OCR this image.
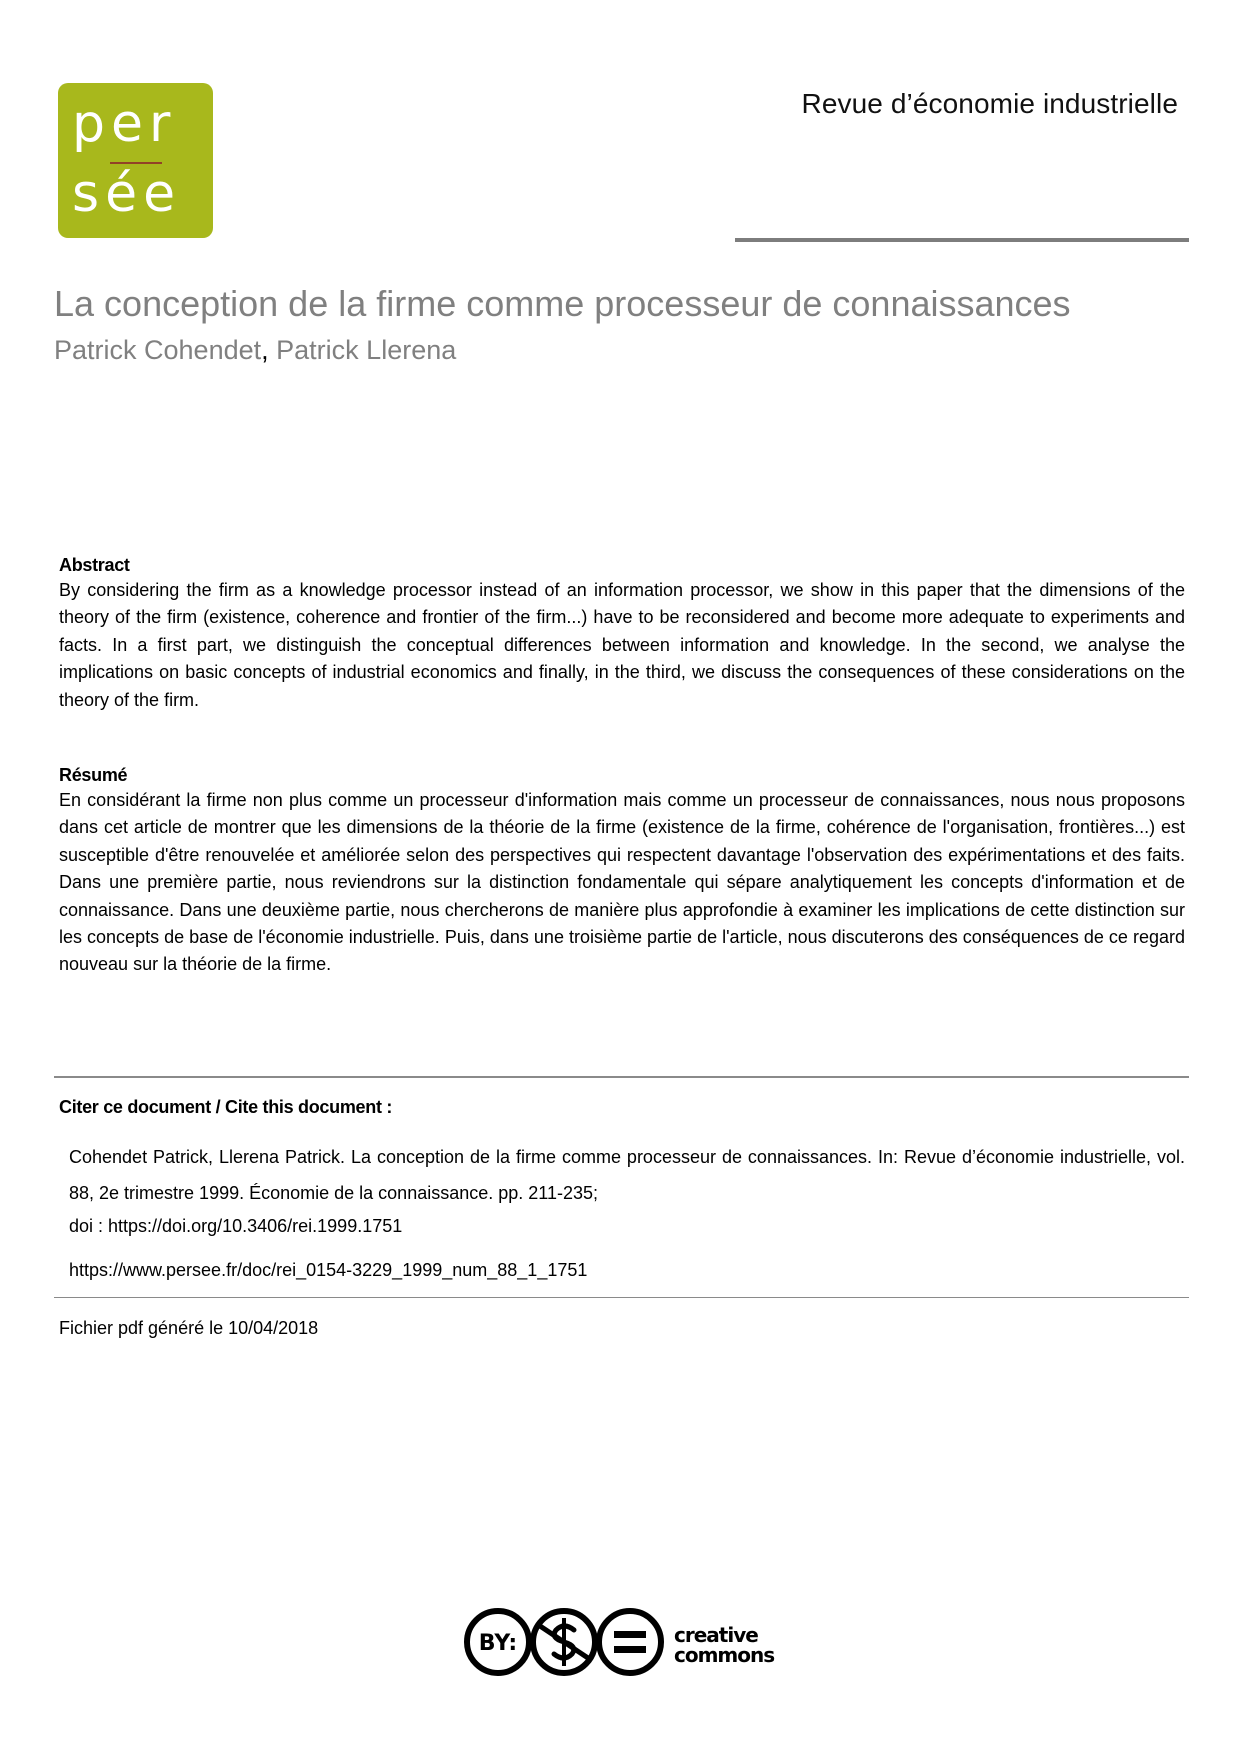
per
sée
Revue d’économie industrielle
La conception de la firme comme processeur de connaissances
Patrick Cohendet, Patrick Llerena
Abstract
By considering the firm as a knowledge processor instead of an information processor, we show in this paper that the dimensions of the theory of the firm (existence, coherence and frontier of the firm...) have to be reconsidered and become more adequate to experiments and facts. In a first part, we distinguish the conceptual differences between information and knowledge. In the second, we analyse the implications on basic concepts of industrial economics and finally, in the third, we discuss the consequences of these considerations on the theory of the firm.
Résumé
En considérant la firme non plus comme un processeur d'information mais comme un processeur de connaissances, nous nous proposons dans cet article de montrer que les dimensions de la théorie de la firme (existence de la firme, cohérence de l'organisation, frontières...) est susceptible d'être renouvelée et améliorée selon des perspectives qui respectent davantage l'observation des expérimentations et des faits. Dans une première partie, nous reviendrons sur la distinction fondamentale qui sépare analytiquement les concepts d'information et de connaissance. Dans une deuxième partie, nous chercherons de manière plus approfondie à examiner les implications de cette distinction sur les concepts de base de l'économie industrielle. Puis, dans une troisième partie de l'article, nous discuterons des conséquences de ce regard nouveau sur la théorie de la firme.
Citer ce document / Cite this document :
Cohendet Patrick, Llerena Patrick. La conception de la firme comme processeur de connaissances. In: Revue d’économie industrielle, vol. 88, 2e trimestre 1999. Économie de la connaissance. pp. 211-235;
doi : https://doi.org/10.3406/rei.1999.1751
https://www.persee.fr/doc/rei_0154-3229_1999_num_88_1_1751
Fichier pdf généré le 10/04/2018
BY:	creative
commons
